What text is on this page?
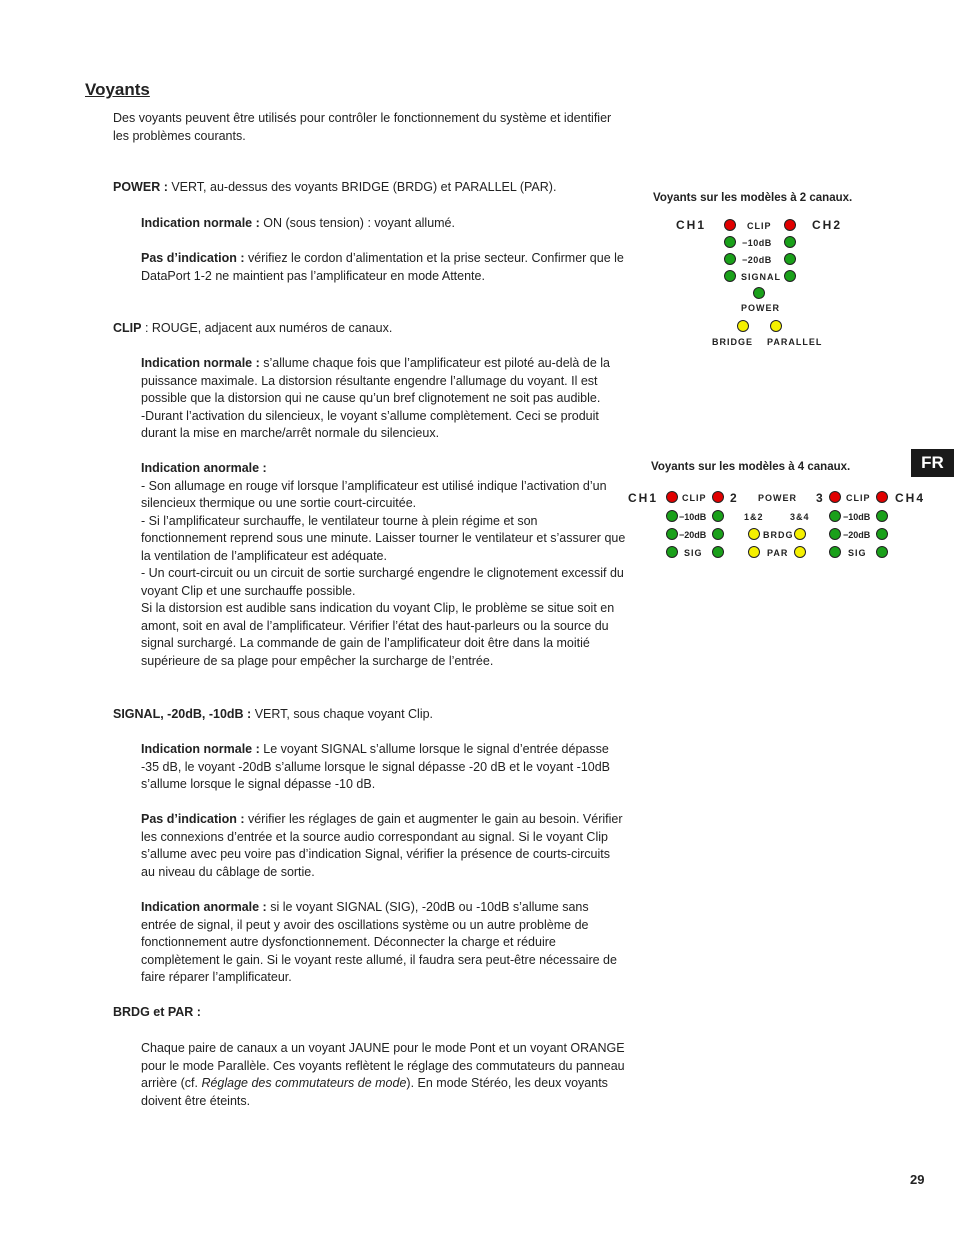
Voyants
Des voyants peuvent être utilisés pour contrôler le fonctionnement du système et identifier les problèmes courants.
POWER : VERT, au-dessus des voyants BRIDGE (BRDG) et PARALLEL (PAR).
Indication normale : ON (sous tension) : voyant allumé.
Pas d’indication : vérifiez le cordon d’alimentation et la prise secteur. Confirmer que le DataPort 1-2 ne maintient pas l’amplificateur en mode Attente.
CLIP : ROUGE, adjacent aux numéros de canaux.
Indication normale : s’allume chaque fois que l’amplificateur est piloté au-delà de la puissance maximale. La distorsion résultante engendre l’allumage du voyant. Il est possible que la distorsion qui ne cause qu’un bref clignotement ne soit pas audible.
-Durant l’activation du silencieux, le voyant s’allume complètement. Ceci se produit durant la mise en marche/arrêt normale du silencieux.
Indication anormale :
- Son allumage en rouge vif lorsque l’amplificateur est utilisé indique l’activation d’un silencieux thermique ou une sortie court-circuitée.
- Si l’amplificateur surchauffe, le ventilateur tourne à plein régime et son fonctionnement reprend sous une minute. Laisser tourner le ventilateur et s’assurer que la ventilation de l’amplificateur est adéquate.
- Un court-circuit ou un circuit de sortie surchargé engendre le clignotement excessif du voyant Clip et une surchauffe possible.
Si la distorsion est audible sans indication du voyant Clip, le problème se situe soit en amont, soit en aval de l’amplificateur. Vérifier l’état des haut-parleurs ou la source du signal surchargé. La commande de gain de l’amplificateur doit être dans la moitié supérieure de sa plage pour empêcher la surcharge de l’entrée.
SIGNAL, -20dB, -10dB : VERT, sous chaque voyant Clip.
Indication normale : Le voyant SIGNAL s’allume lorsque le signal d’entrée dépasse -35 dB, le voyant -20dB s’allume lorsque le signal dépasse -20 dB et le voyant -10dB s’allume lorsque le signal dépasse -10 dB.
Pas d’indication : vérifier les réglages de gain et augmenter le gain au besoin. Vérifier les connexions d’entrée et la source audio correspondant au signal. Si le voyant Clip s’allume avec peu voire pas d’indication Signal, vérifier la présence de courts-circuits au niveau du câblage de sortie.
Indication anormale : si le voyant SIGNAL (SIG), -20dB ou -10dB s’allume sans entrée de signal, il peut y avoir des oscillations système ou un autre problème de fonctionnement autre dysfonctionnement. Déconnecter la charge et réduire complètement le gain. Si le voyant reste allumé, il faudra sera peut-être nécessaire de faire réparer l’amplificateur.
BRDG et PAR :
Chaque paire de canaux a un voyant JAUNE pour le mode Pont et un voyant ORANGE pour le mode Parallèle. Ces voyants reflètent le réglage des commutateurs du panneau arrière (cf. Réglage des commutateurs de mode). En mode Stéréo, les deux voyants doivent être éteints.
Voyants sur les modèles à 2 canaux.
CH1	CH2
CLIP
−10dB
−20dB
SIGNAL
POWER
BRIDGE PARALLEL
Voyants sur les modèles à 4 canaux.
CH1	CLIP 2 POWER 3 CLIP CH4
−10dB	1&2	3&4	−10dB
−20dB	BRDG	−20dB
SIG	PAR	SIG
FR
29
